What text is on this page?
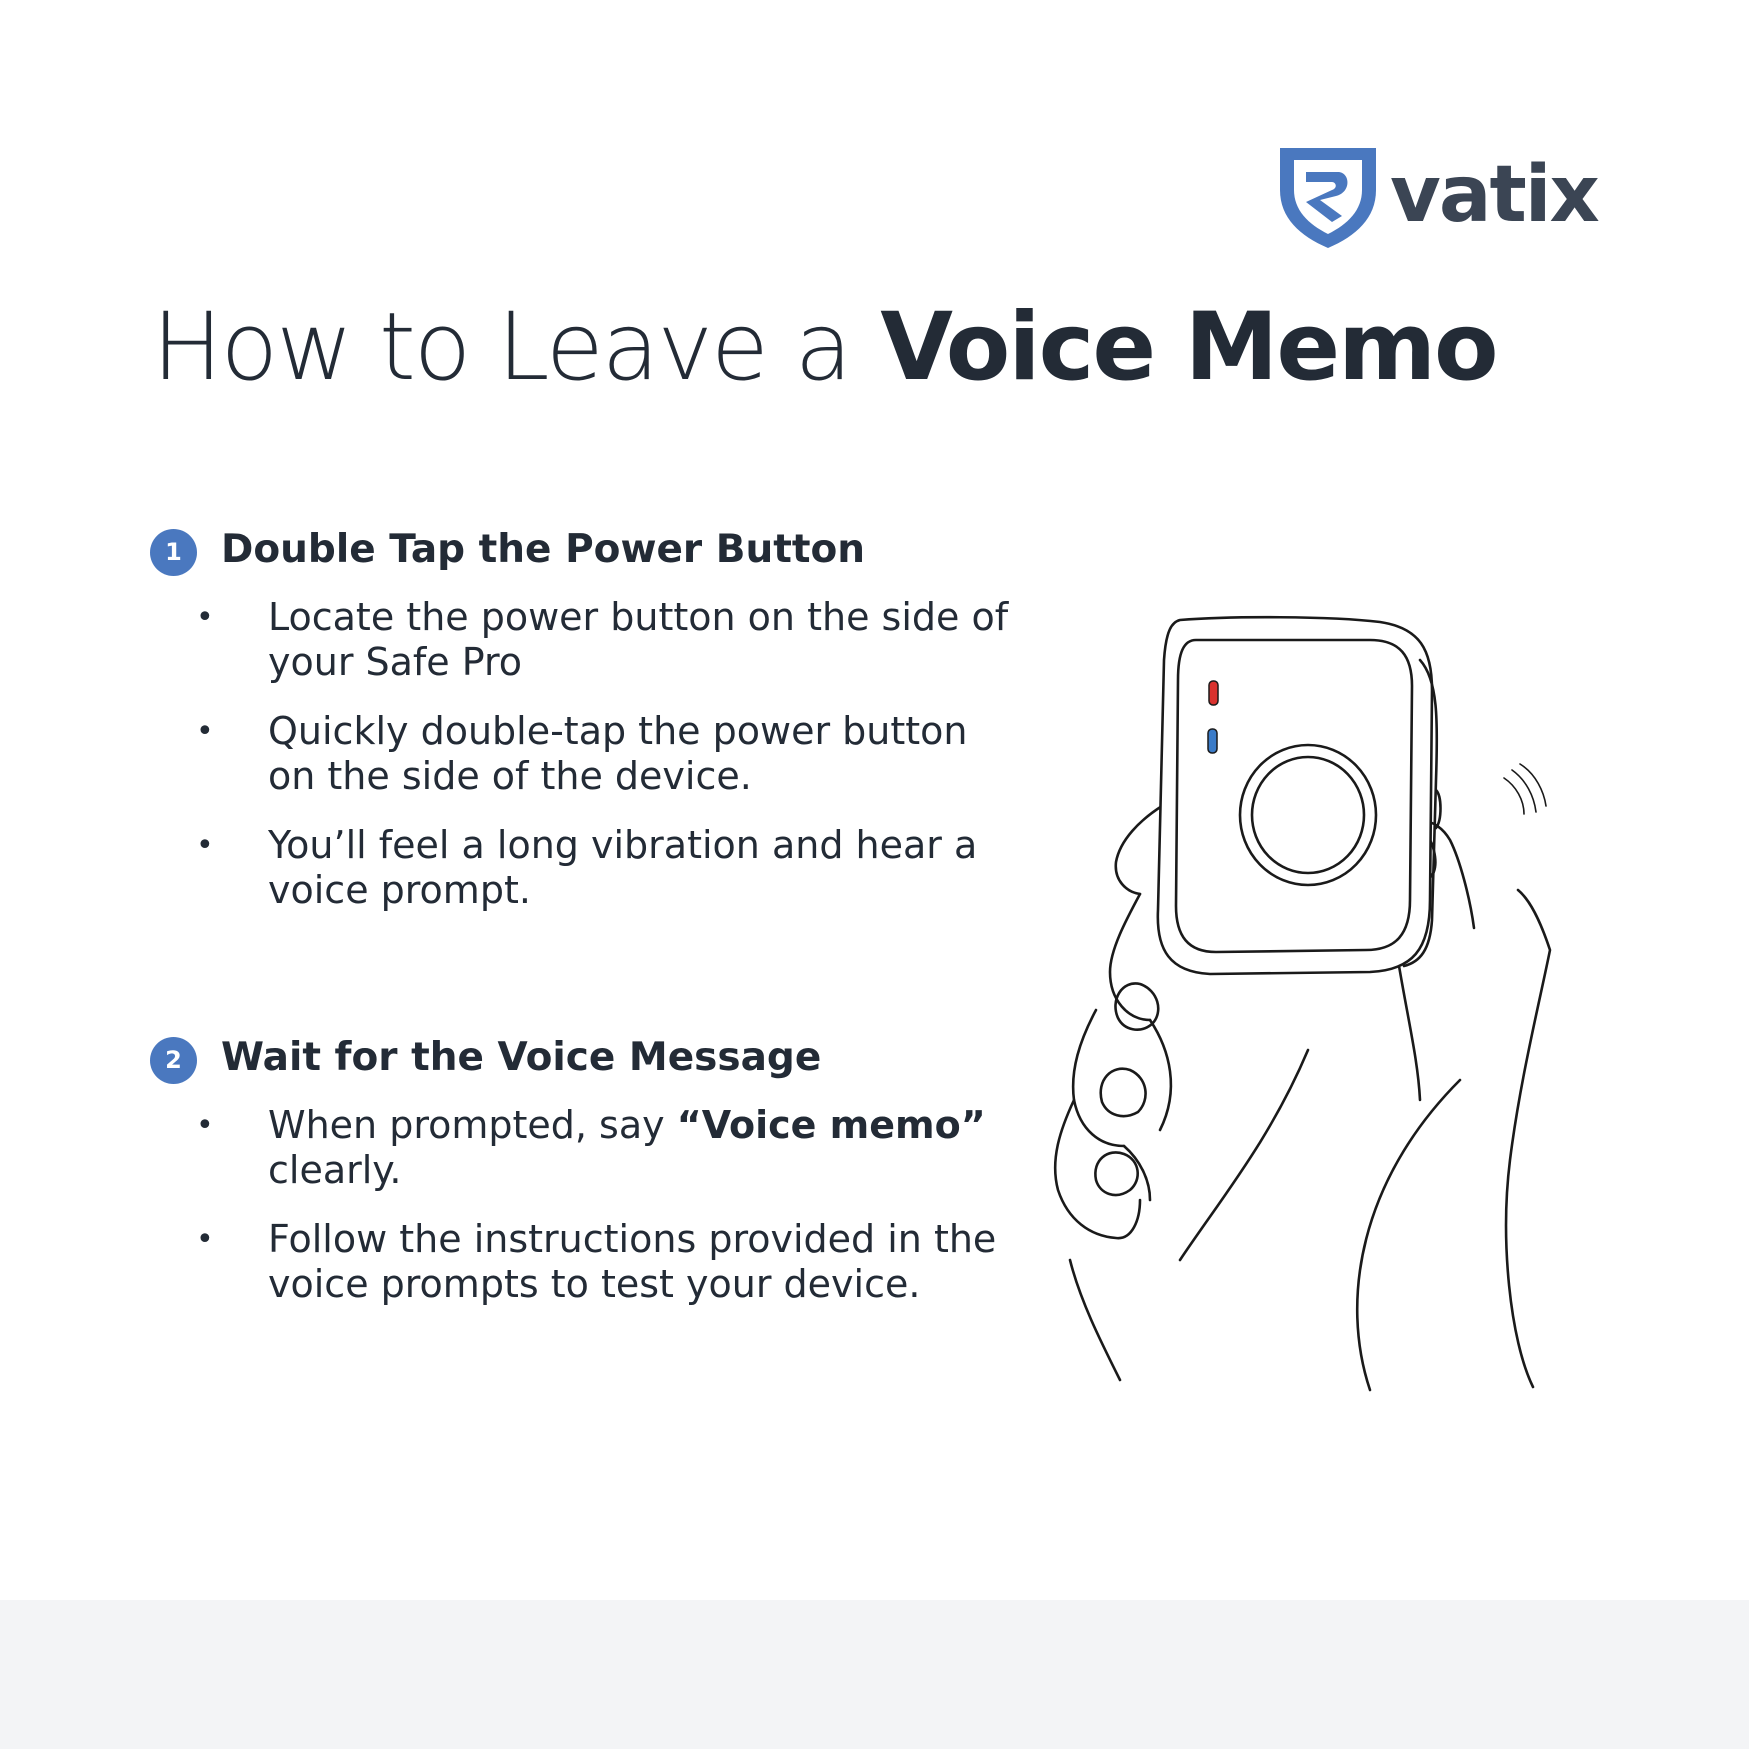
vatix
How to Leave a Voice Memo
1	Double Tap the Power Button
• Locate the power button on the side of your Safe Pro
• Quickly double-tap the power button on the side of the device.
• You’ll feel a long vibration and hear a voice prompt.
2	Wait for the Voice Message
• When prompted, say “Voice memo” clearly.
• Follow the instructions provided in the voice prompts to test your device.
